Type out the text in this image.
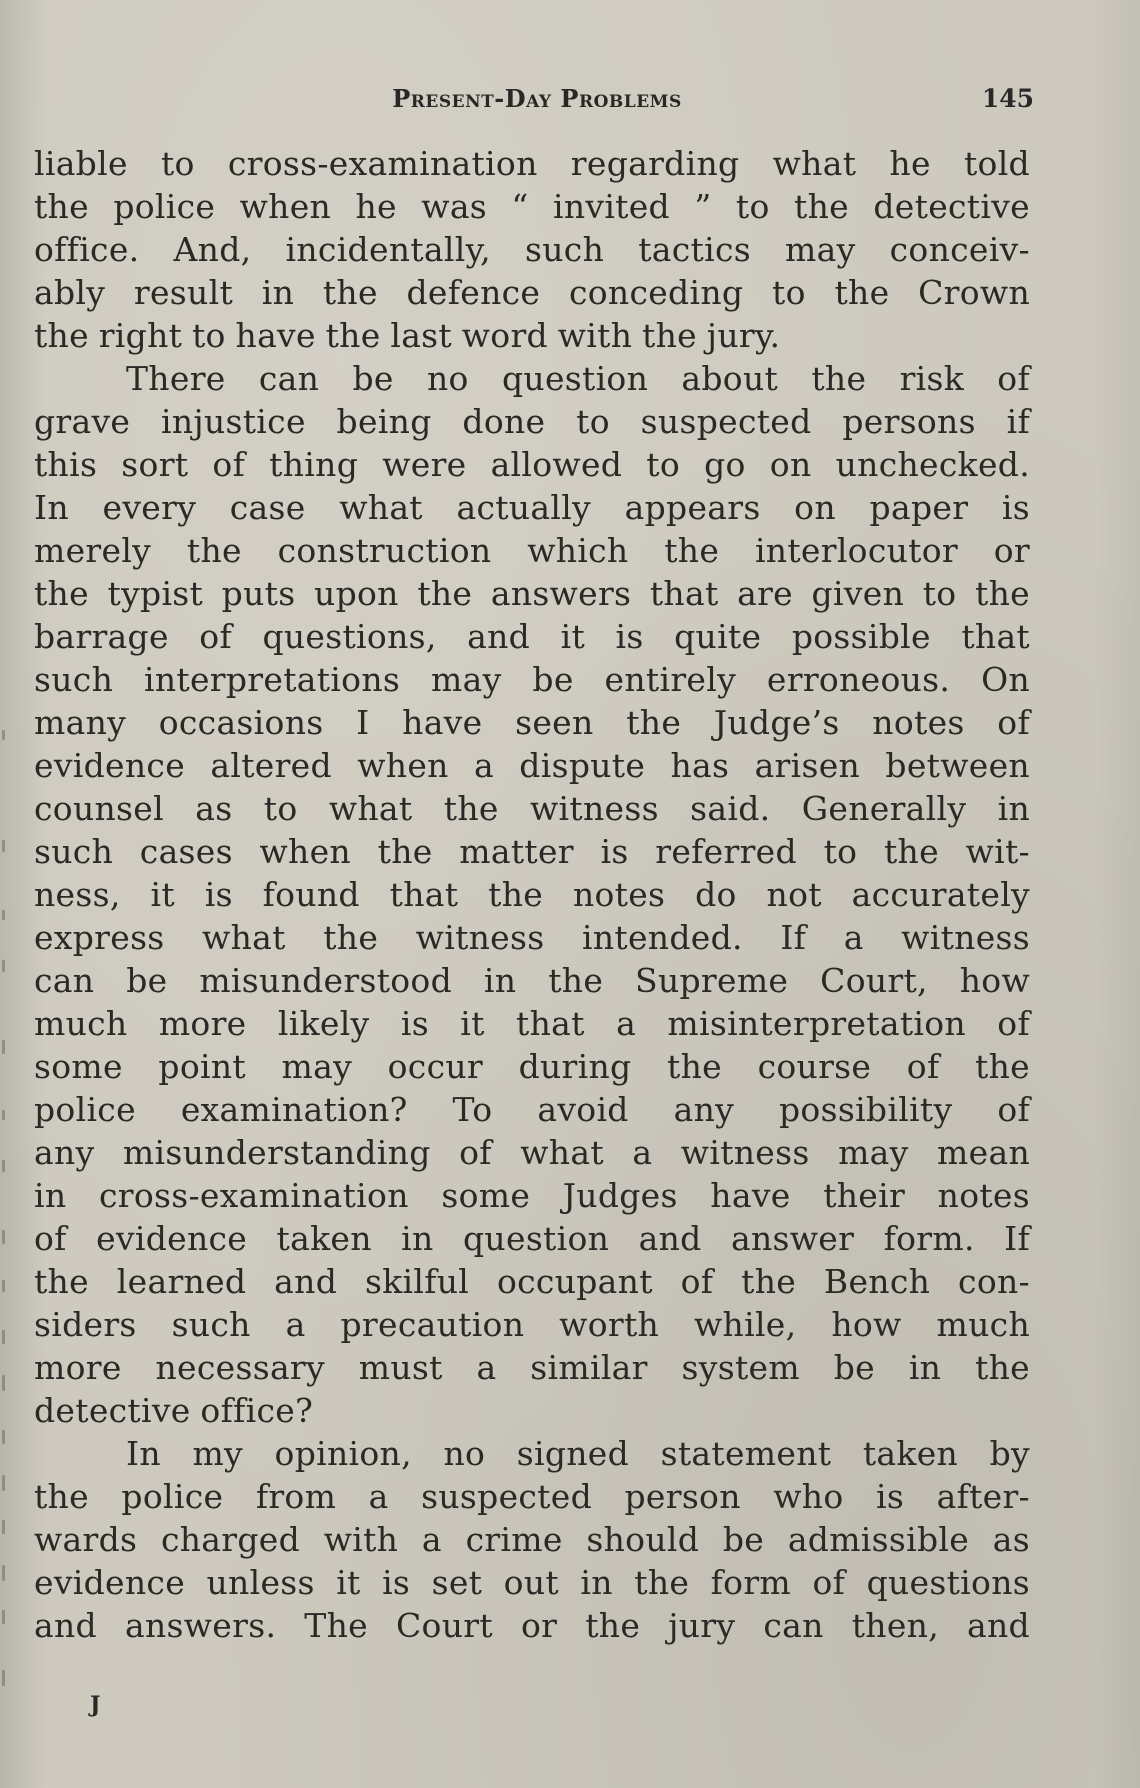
Present-Day Problems	145
liable to cross-examination regarding what he told
the police when he was “ invited ” to the detective
office. And, incidentally, such tactics may conceiv-
ably result in the defence conceding to the Crown
the right to have the last word with the jury.
There can be no question about the risk of
grave injustice being done to suspected persons if
this sort of thing were allowed to go on unchecked.
In every case what actually appears on paper is
merely the construction which the interlocutor or
the typist puts upon the answers that are given to the
barrage of questions, and it is quite possible that
such interpretations may be entirely erroneous. On
many occasions I have seen the Judge’s notes of
evidence altered when a dispute has arisen between
counsel as to what the witness said. Generally in
such cases when the matter is referred to the wit-
ness, it is found that the notes do not accurately
express what the witness intended. If a witness
can be misunderstood in the Supreme Court, how
much more likely is it that a misinterpretation of
some point may occur during the course of the
police examination? To avoid any possibility of
any misunderstanding of what a witness may mean
in cross-examination some Judges have their notes
of evidence taken in question and answer form. If
the learned and skilful occupant of the Bench con-
siders such a precaution worth while, how much
more necessary must a similar system be in the
detective office?
In my opinion, no signed statement taken by
the police from a suspected person who is after-
wards charged with a crime should be admissible as
evidence unless it is set out in the form of questions
and answers. The Court or the jury can then, and
J
